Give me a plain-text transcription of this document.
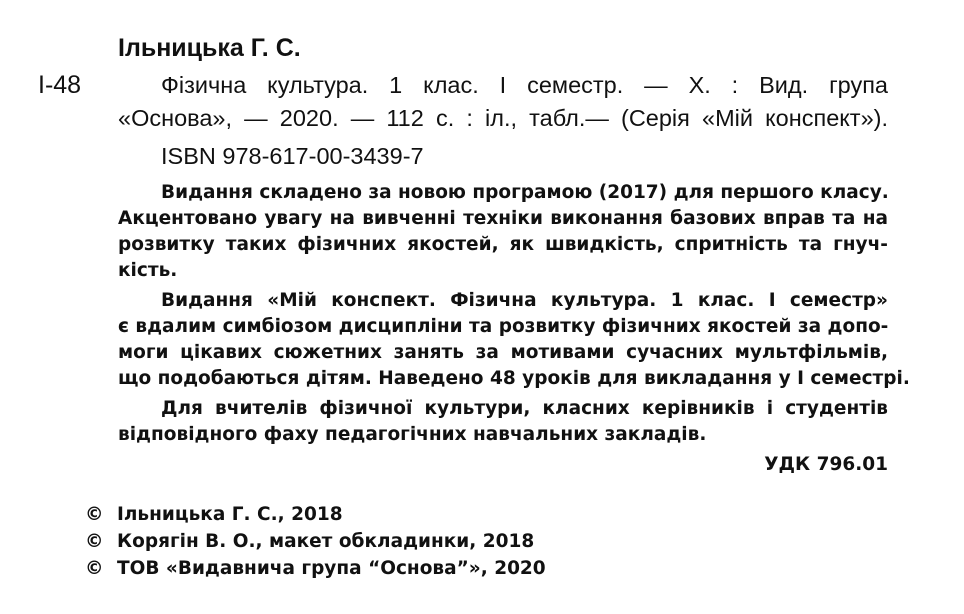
Ільницька Г. С.
І-48	Фізична культура. 1 клас. І семестр. — Х. : Вид. група
«Основа», — 2020. — 112 с. : іл., табл.— (Серія «Мій конспект»).
ISBN 978-617-00-3439-7
Видання складено за новою програмою (2017) для першого класу.
Акцентовано увагу на вивченні техніки виконання базових вправ та на
розвитку таких фізичних якостей, як швидкість, спритність та гнуч-
кість.
Видання «Мій конспект. Фізична культура. 1 клас. І семестр»
є вдалим симбіозом дисципліни та розвитку фізичних якостей за допо-
моги цікавих сюжетних занять за мотивами сучасних мультфільмів,
що подобаються дітям. Наведено 48 уроків для викладання у І семестрі.
Для вчителів фізичної культури, класних керівників і студентів
відповідного фаху педагогічних навчальних закладів.
УДК 796.01
© Ільницька Г. С., 2018
© Корягін В. О., макет обкладинки, 2018
© ТОВ «Видавнича група “Основа”», 2020
